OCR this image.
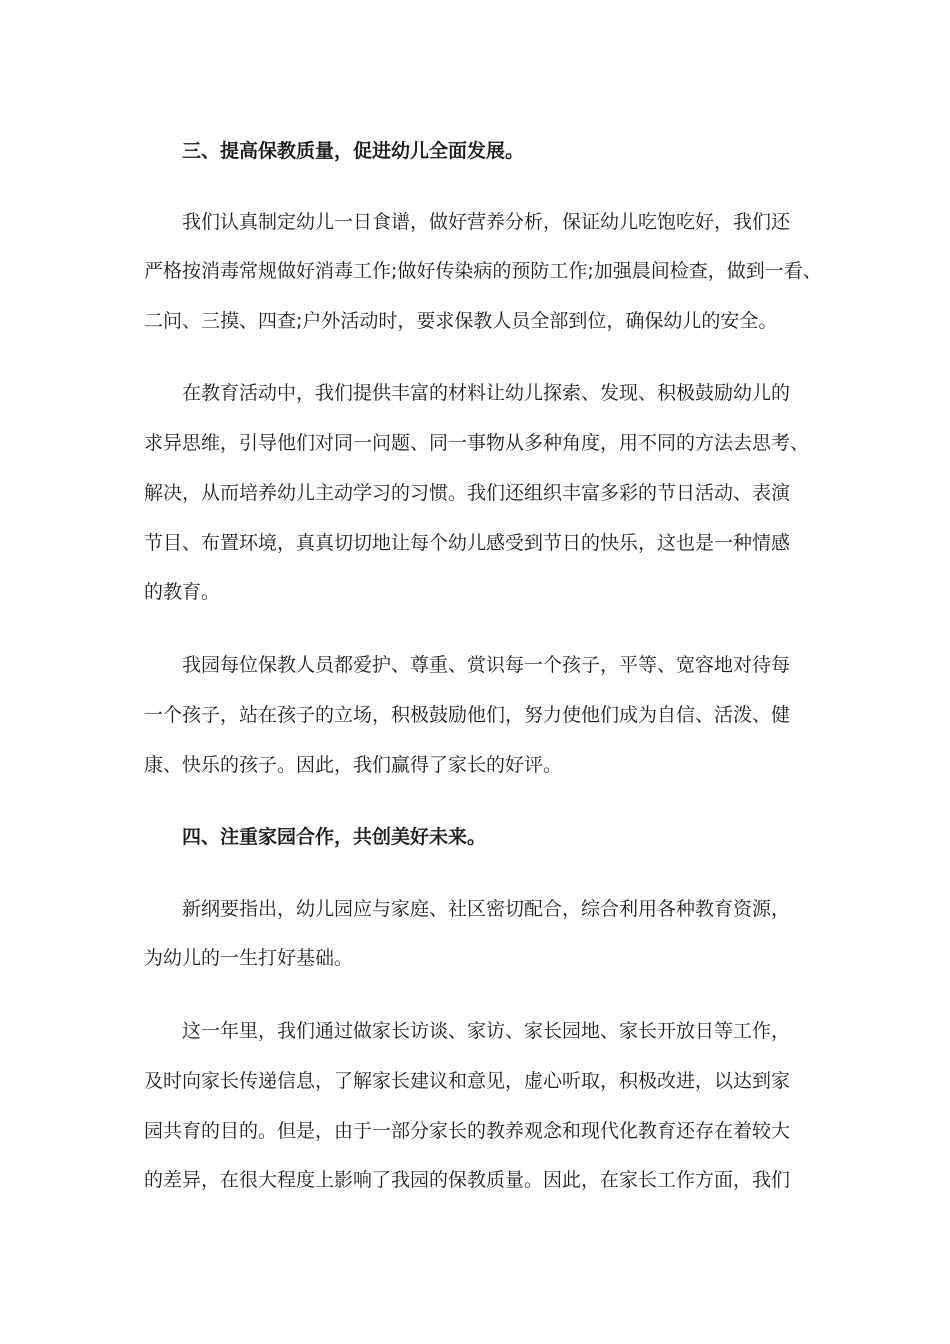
三、提高保教质量，促进幼儿全面发展。
我们认真制定幼儿一日食谱，做好营养分析，保证幼儿吃饱吃好，我们还
严格按消毒常规做好消毒工作;做好传染病的预防工作;加强晨间检查，做到一看、
二问、三摸、四查;户外活动时，要求保教人员全部到位，确保幼儿的安全。
在教育活动中，我们提供丰富的材料让幼儿探索、发现、积极鼓励幼儿的
求异思维，引导他们对同一问题、同一事物从多种角度，用不同的方法去思考、
解决，从而培养幼儿主动学习的习惯。我们还组织丰富多彩的节日活动、表演
节目、布置环境，真真切切地让每个幼儿感受到节日的快乐，这也是一种情感
的教育。
我园每位保教人员都爱护、尊重、赏识每一个孩子，平等、宽容地对待每
一个孩子，站在孩子的立场，积极鼓励他们，努力使他们成为自信、活泼、健
康、快乐的孩子。因此，我们赢得了家长的好评。
四、注重家园合作，共创美好未来。
新纲要指出，幼儿园应与家庭、社区密切配合，综合利用各种教育资源，
为幼儿的一生打好基础。
这一年里，我们通过做家长访谈、家访、家长园地、家长开放日等工作，
及时向家长传递信息，了解家长建议和意见，虚心听取，积极改进，以达到家
园共育的目的。但是，由于一部分家长的教养观念和现代化教育还存在着较大
的差异，在很大程度上影响了我园的保教质量。因此，在家长工作方面，我们
